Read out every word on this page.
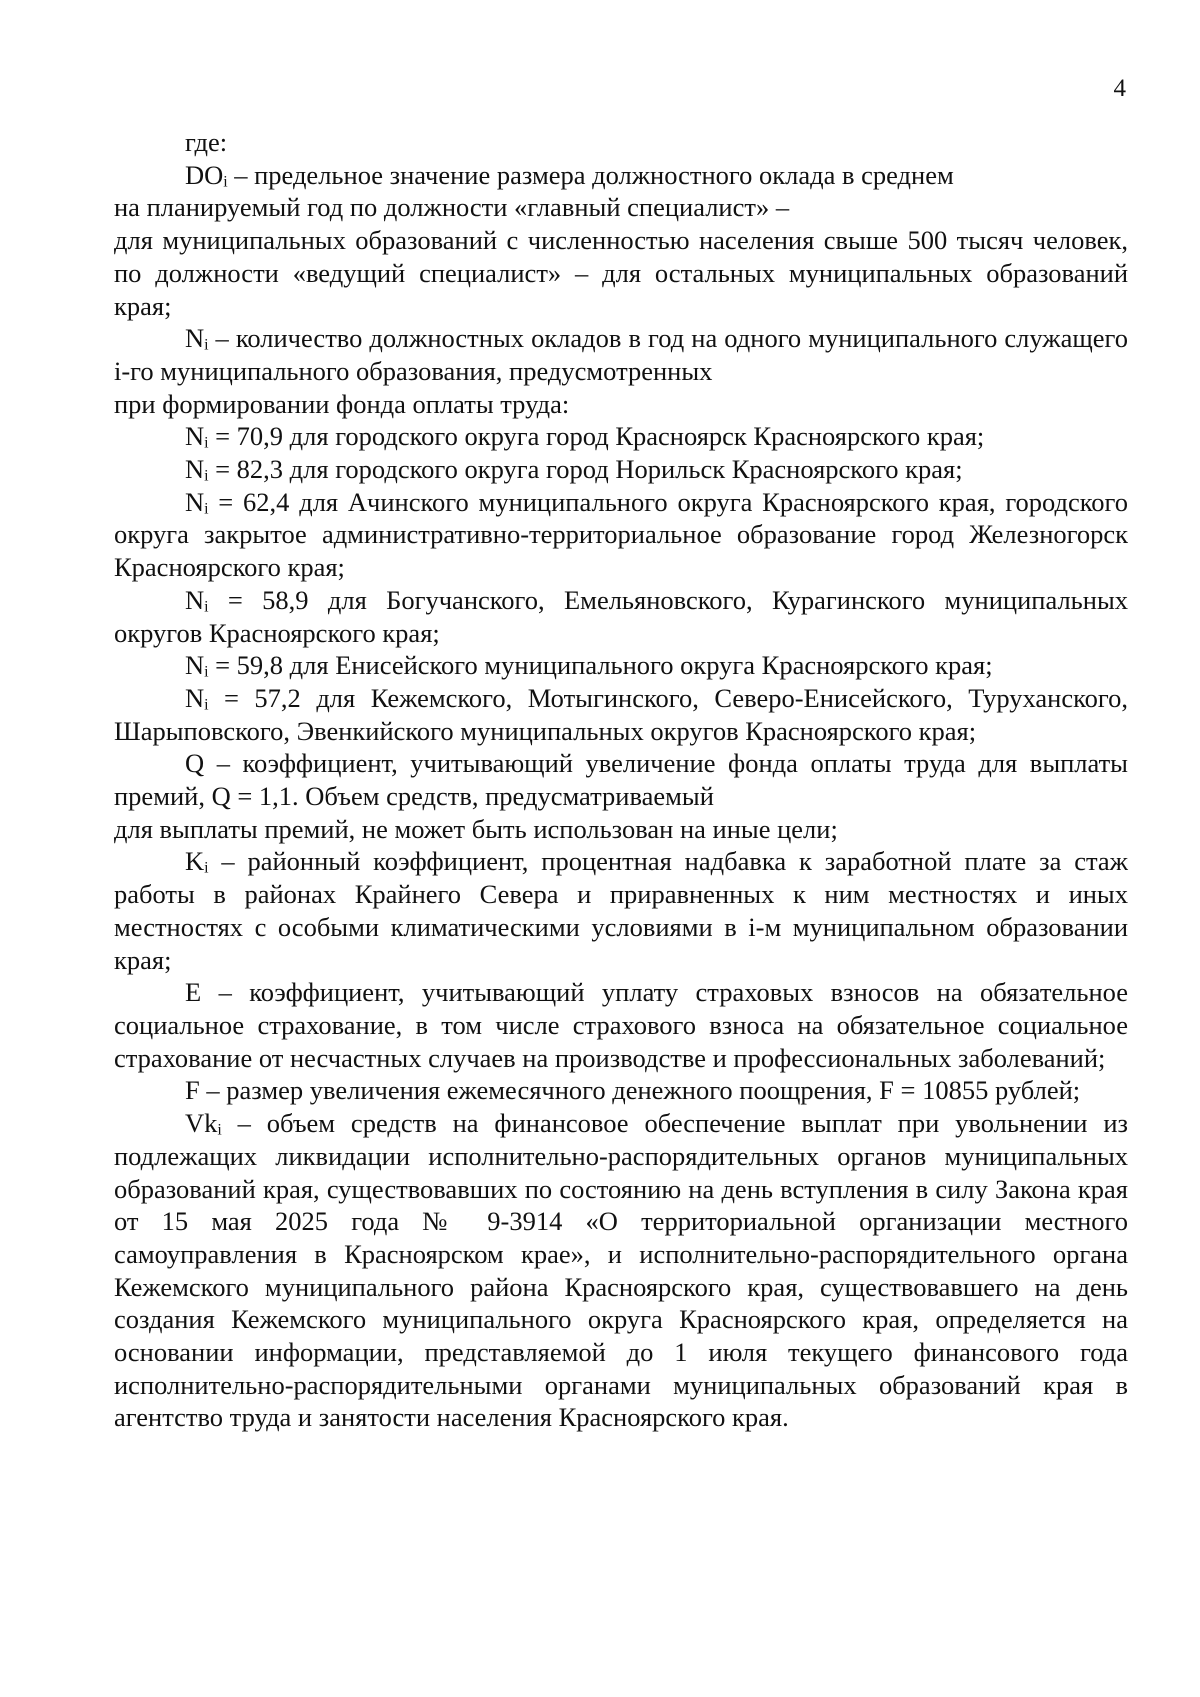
4

где:

DOᵢ – предельное значение размера должностного оклада в среднем
на планируемый год по должности «главный специалист» –
для муниципальных образований с численностью населения свыше 500 тысяч человек, по должности «ведущий специалист» – для остальных муниципальных образований края;

Nᵢ – количество должностных окладов в год на одного муниципального служащего i-го муниципального образования, предусмотренных
при формировании фонда оплаты труда:

Nᵢ = 70,9 для городского округа город Красноярск Красноярского края;

Nᵢ = 82,3 для городского округа город Норильск Красноярского края;

Nᵢ = 62,4 для Ачинского муниципального округа Красноярского края, городского округа закрытое административно-территориальное образование город Железногорск Красноярского края;

Nᵢ = 58,9 для Богучанского, Емельяновского, Курагинского муниципальных округов Красноярского края;

Nᵢ = 59,8 для Енисейского муниципального округа Красноярского края;

Nᵢ = 57,2 для Кежемского, Мотыгинского, Северо-Енисейского, Туруханского, Шарыповского, Эвенкийского муниципальных округов Красноярского края;

Q – коэффициент, учитывающий увеличение фонда оплаты труда для выплаты премий, Q = 1,1. Объем средств, предусматриваемый
для выплаты премий, не может быть использован на иные цели;

Kᵢ – районный коэффициент, процентная надбавка к заработной плате за стаж работы в районах Крайнего Севера и приравненных к ним местностях и иных местностях с особыми климатическими условиями в i-м муниципальном образовании края;

E – коэффициент, учитывающий уплату страховых взносов на обязательное социальное страхование, в том числе страхового взноса на обязательное социальное страхование от несчастных случаев на производстве и профессиональных заболеваний;

F – размер увеличения ежемесячного денежного поощрения, F = 10855 рублей;

Vkᵢ – объем средств на финансовое обеспечение выплат при увольнении из подлежащих ликвидации исполнительно-распорядительных органов муниципальных образований края, существовавших по состоянию на день вступления в силу Закона края от 15 мая 2025 года № 9-3914 «О территориальной организации местного самоуправления в Красноярском крае», и исполнительно-распорядительного органа Кежемского муниципального района Красноярского края, существовавшего на день создания Кежемского муниципального округа Красноярского края, определяется на основании информации, представляемой до 1 июля текущего финансового года исполнительно-распорядительными органами муниципальных образований края в агентство труда и занятости населения Красноярского края.
